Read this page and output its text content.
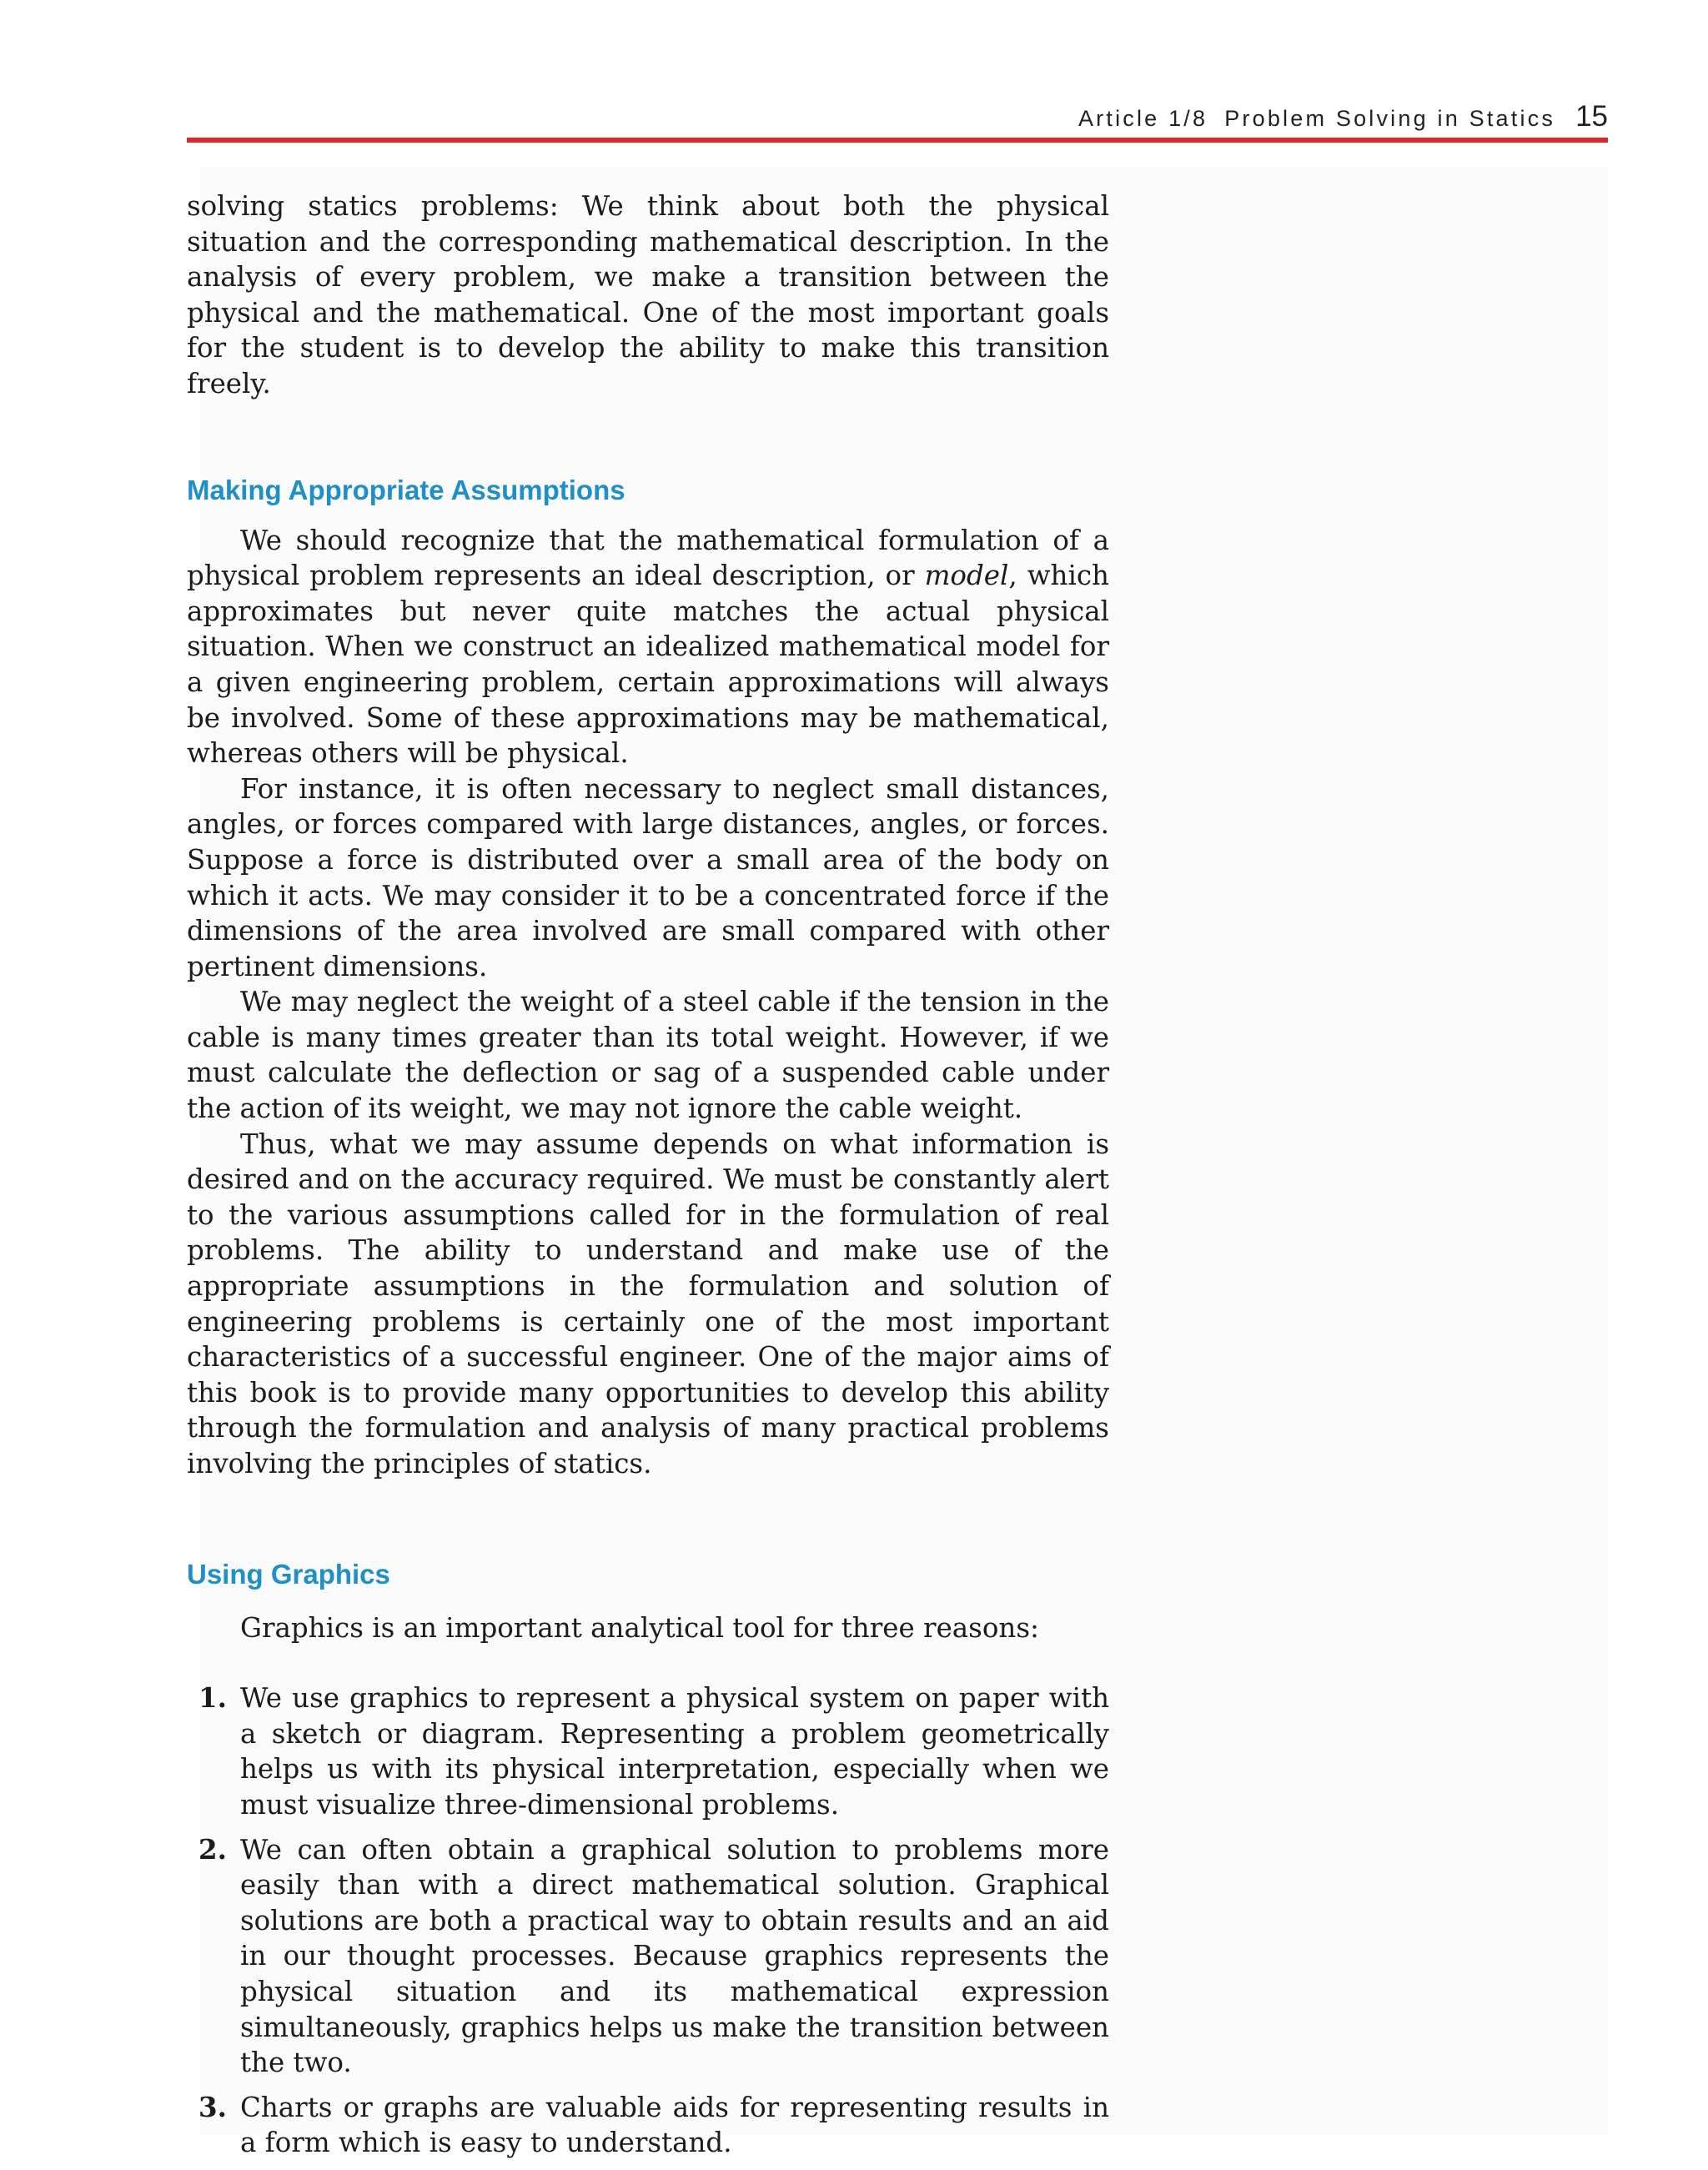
Article 1/8 Problem Solving in Statics 15

solving statics problems: We think about both the physical situation and the corresponding mathematical description. In the analysis of every problem, we make a transition between the physical and the mathematical. One of the most important goals for the student is to develop the ability to make this transition freely.

Making Appropriate Assumptions

We should recognize that the mathematical formulation of a physical problem represents an ideal description, or model, which approximates but never quite matches the actual physical situation. When we construct an idealized mathematical model for a given engineering problem, certain approximations will always be involved. Some of these approximations may be mathematical, whereas others will be physical.

For instance, it is often necessary to neglect small distances, angles, or forces compared with large distances, angles, or forces. Suppose a force is distributed over a small area of the body on which it acts. We may consider it to be a concentrated force if the dimensions of the area involved are small compared with other pertinent dimensions.

We may neglect the weight of a steel cable if the tension in the cable is many times greater than its total weight. However, if we must calculate the deflection or sag of a suspended cable under the action of its weight, we may not ignore the cable weight.

Thus, what we may assume depends on what information is desired and on the accuracy required. We must be constantly alert to the various assumptions called for in the formulation of real problems. The ability to understand and make use of the appropriate assumptions in the formulation and solution of engineering problems is certainly one of the most important characteristics of a successful engineer. One of the major aims of this book is to provide many opportunities to develop this ability through the formulation and analysis of many practical problems involving the principles of statics.

Using Graphics

Graphics is an important analytical tool for three reasons:

1. We use graphics to represent a physical system on paper with a sketch or diagram. Representing a problem geometrically helps us with its physical interpretation, especially when we must visualize three-dimensional problems.
2. We can often obtain a graphical solution to problems more easily than with a direct mathematical solution. Graphical solutions are both a practical way to obtain results and an aid in our thought processes. Because graphics represents the physical situation and its mathematical expression simultaneously, graphics helps us make the transition between the two.
3. Charts or graphs are valuable aids for representing results in a form which is easy to understand.
